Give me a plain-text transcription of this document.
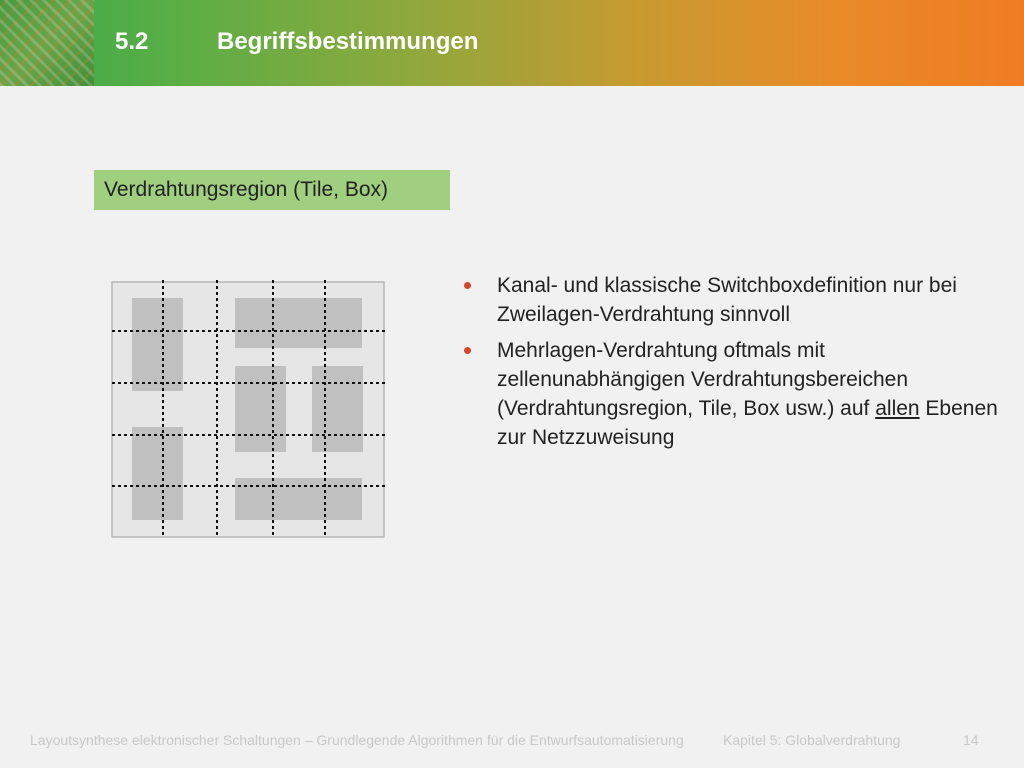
5.2	Begriffsbestimmungen
Verdrahtungsregion (Tile, Box)
Kanal- und klassische Switchboxdefinition nur bei Zweilagen-Verdrahtung sinnvoll
Mehrlagen-Verdrahtung oftmals mit zellenunabhängigen Verdrahtungsbereichen (Verdrahtungsregion, Tile, Box usw.) auf allen Ebenen zur Netzzuweisung
Layoutsynthese elektronischer Schaltungen – Grundlegende Algorithmen für die Entwurfsautomatisierung	Kapitel 5: Globalverdrahtung	14
